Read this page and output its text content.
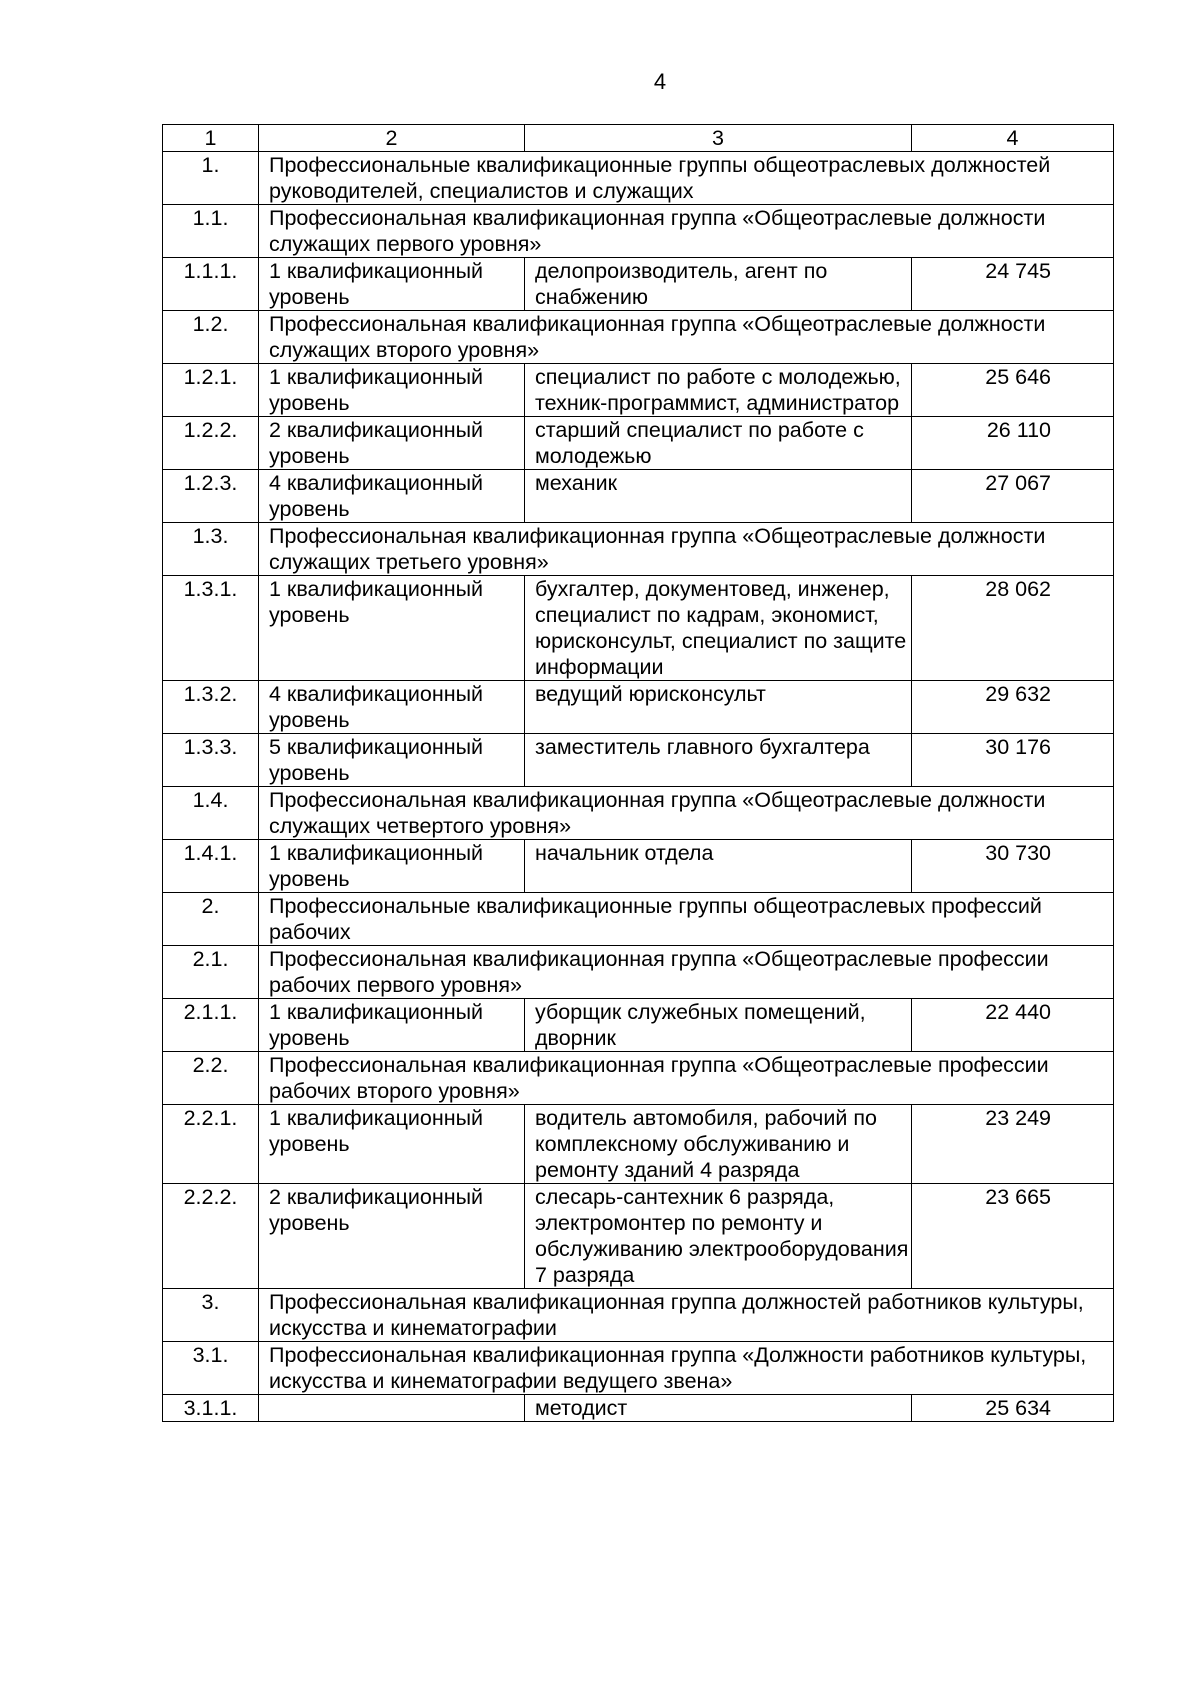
4
1	2	3	4
1.	Профессиональные квалификационные группы общеотраслевых должностей руководителей, специалистов и служащих		
1.1.	Профессиональная квалификационная группа «Общеотраслевые должности служащих первого уровня»		
1.1.1.	1 квалификационный уровень	делопроизводитель, агент по снабжению	24 745
1.2.	Профессиональная квалификационная группа «Общеотраслевые должности служащих второго уровня»		
1.2.1.	1 квалификационный уровень	специалист по работе с молодежью, техник-программист, администратор	25 646
1.2.2.	2 квалификационный уровень	старший специалист по работе с молодежью	26 110
1.2.3.	4 квалификационный уровень	механик	27 067
1.3.	Профессиональная квалификационная группа «Общеотраслевые должности служащих третьего уровня»		
1.3.1.	1 квалификационный уровень	бухгалтер, документовед, инженер, специалист по кадрам, экономист, юрисконсульт, специалист по защите информации	28 062
1.3.2.	4 квалификационный уровень	ведущий юрисконсульт	29 632
1.3.3.	5 квалификационный уровень	заместитель главного бухгалтера	30 176
1.4.	Профессиональная квалификационная группа «Общеотраслевые должности служащих четвертого уровня»		
1.4.1.	1 квалификационный уровень	начальник отдела	30 730
2.	Профессиональные квалификационные группы общеотраслевых профессий рабочих		
2.1.	Профессиональная квалификационная группа «Общеотраслевые профессии рабочих первого уровня»		
2.1.1.	1 квалификационный уровень	уборщик служебных помещений, дворник	22 440
2.2.	Профессиональная квалификационная группа «Общеотраслевые профессии рабочих второго уровня»		
2.2.1.	1 квалификационный уровень	водитель автомобиля, рабочий по комплексному обслуживанию и ремонту зданий 4 разряда	23 249
2.2.2.	2 квалификационный уровень	слесарь-сантехник 6 разряда, электромонтер по ремонту и обслуживанию электрооборудования 7 разряда	23 665
3.	Профессиональная квалификационная группа должностей работников культуры, искусства и кинематографии		
3.1.	Профессиональная квалификационная группа «Должности работников культуры, искусства и кинематографии ведущего звена»		
3.1.1.		методист	25 634
